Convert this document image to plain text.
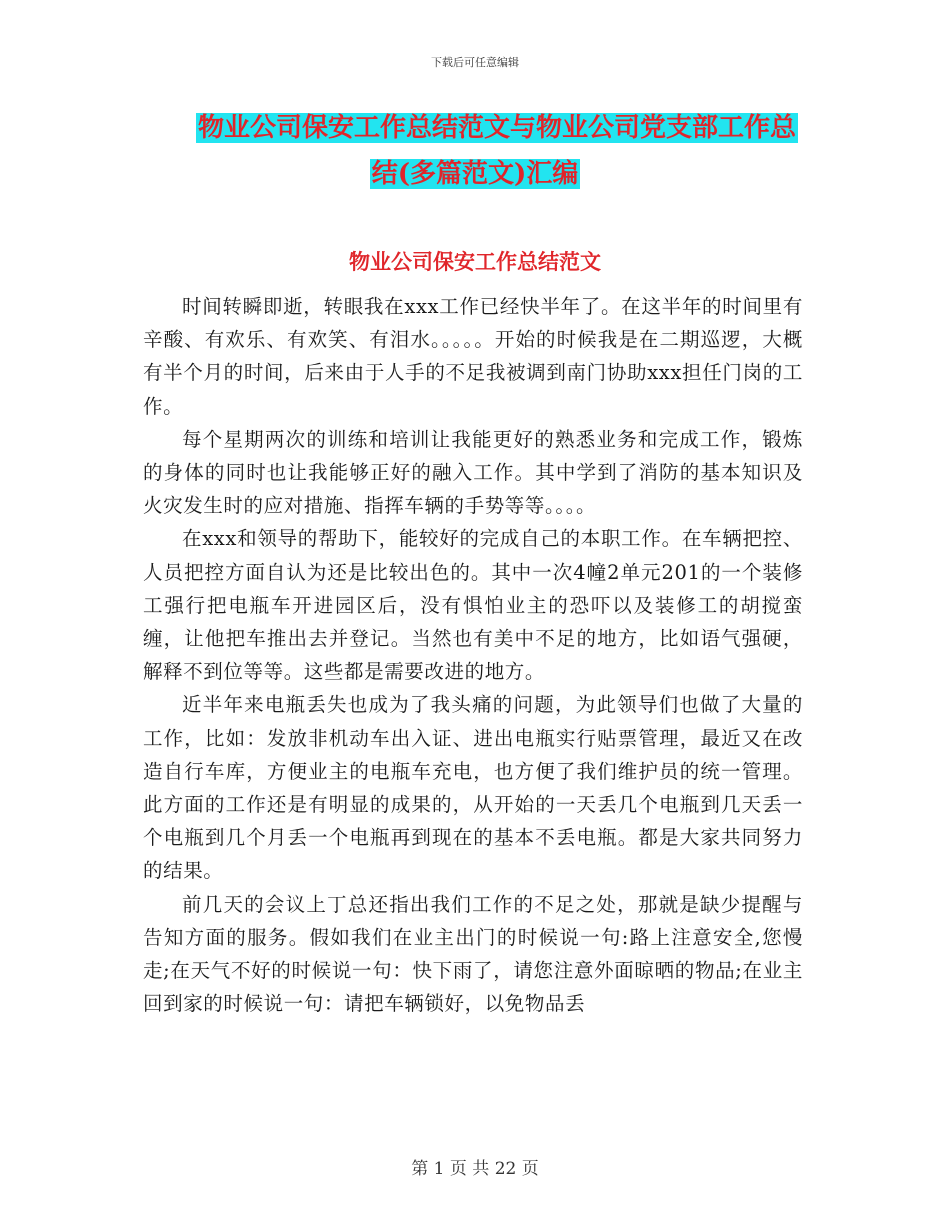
下载后可任意编辑
物业公司保安工作总结范文与物业公司党支部工作总
结(多篇范文)汇编
物业公司保安工作总结范文

时间转瞬即逝，转眼我在xxx工作已经快半年了。在这半年的时间里有辛酸、有欢乐、有欢笑、有泪水。。。。。开始的时候我是在二期巡逻，大概有半个月的时间，后来由于人手的不足我被调到南门协助xxx担任门岗的工作。

每个星期两次的训练和培训让我能更好的熟悉业务和完成工作，锻炼的身体的同时也让我能够正好的融入工作。其中学到了消防的基本知识及火灾发生时的应对措施、指挥车辆的手势等等。。。。

在xxx和领导的帮助下，能较好的完成自己的本职工作。在车辆把控、人员把控方面自认为还是比较出色的。其中一次4幢2单元201的一个装修工强行把电瓶车开进园区后，没有惧怕业主的恐吓以及装修工的胡搅蛮缠，让他把车推出去并登记。当然也有美中不足的地方，比如语气强硬，解释不到位等等。这些都是需要改进的地方。

近半年来电瓶丢失也成为了我头痛的问题，为此领导们也做了大量的工作，比如：发放非机动车出入证、进出电瓶实行贴票管理，最近又在改造自行车库，方便业主的电瓶车充电，也方便了我们维护员的统一管理。此方面的工作还是有明显的成果的，从开始的一天丢几个电瓶到几天丢一个电瓶到几个月丢一个电瓶再到现在的基本不丢电瓶。都是大家共同努力的结果。

前几天的会议上丁总还指出我们工作的不足之处，那就是缺少提醒与告知方面的服务。假如我们在业主出门的时候说一句:路上注意安全,您慢走;在天气不好的时候说一句：快下雨了，请您注意外面晾晒的物品;在业主回到家的时候说一句：请把车辆锁好，以免物品丢

第 1 页 共 22 页
